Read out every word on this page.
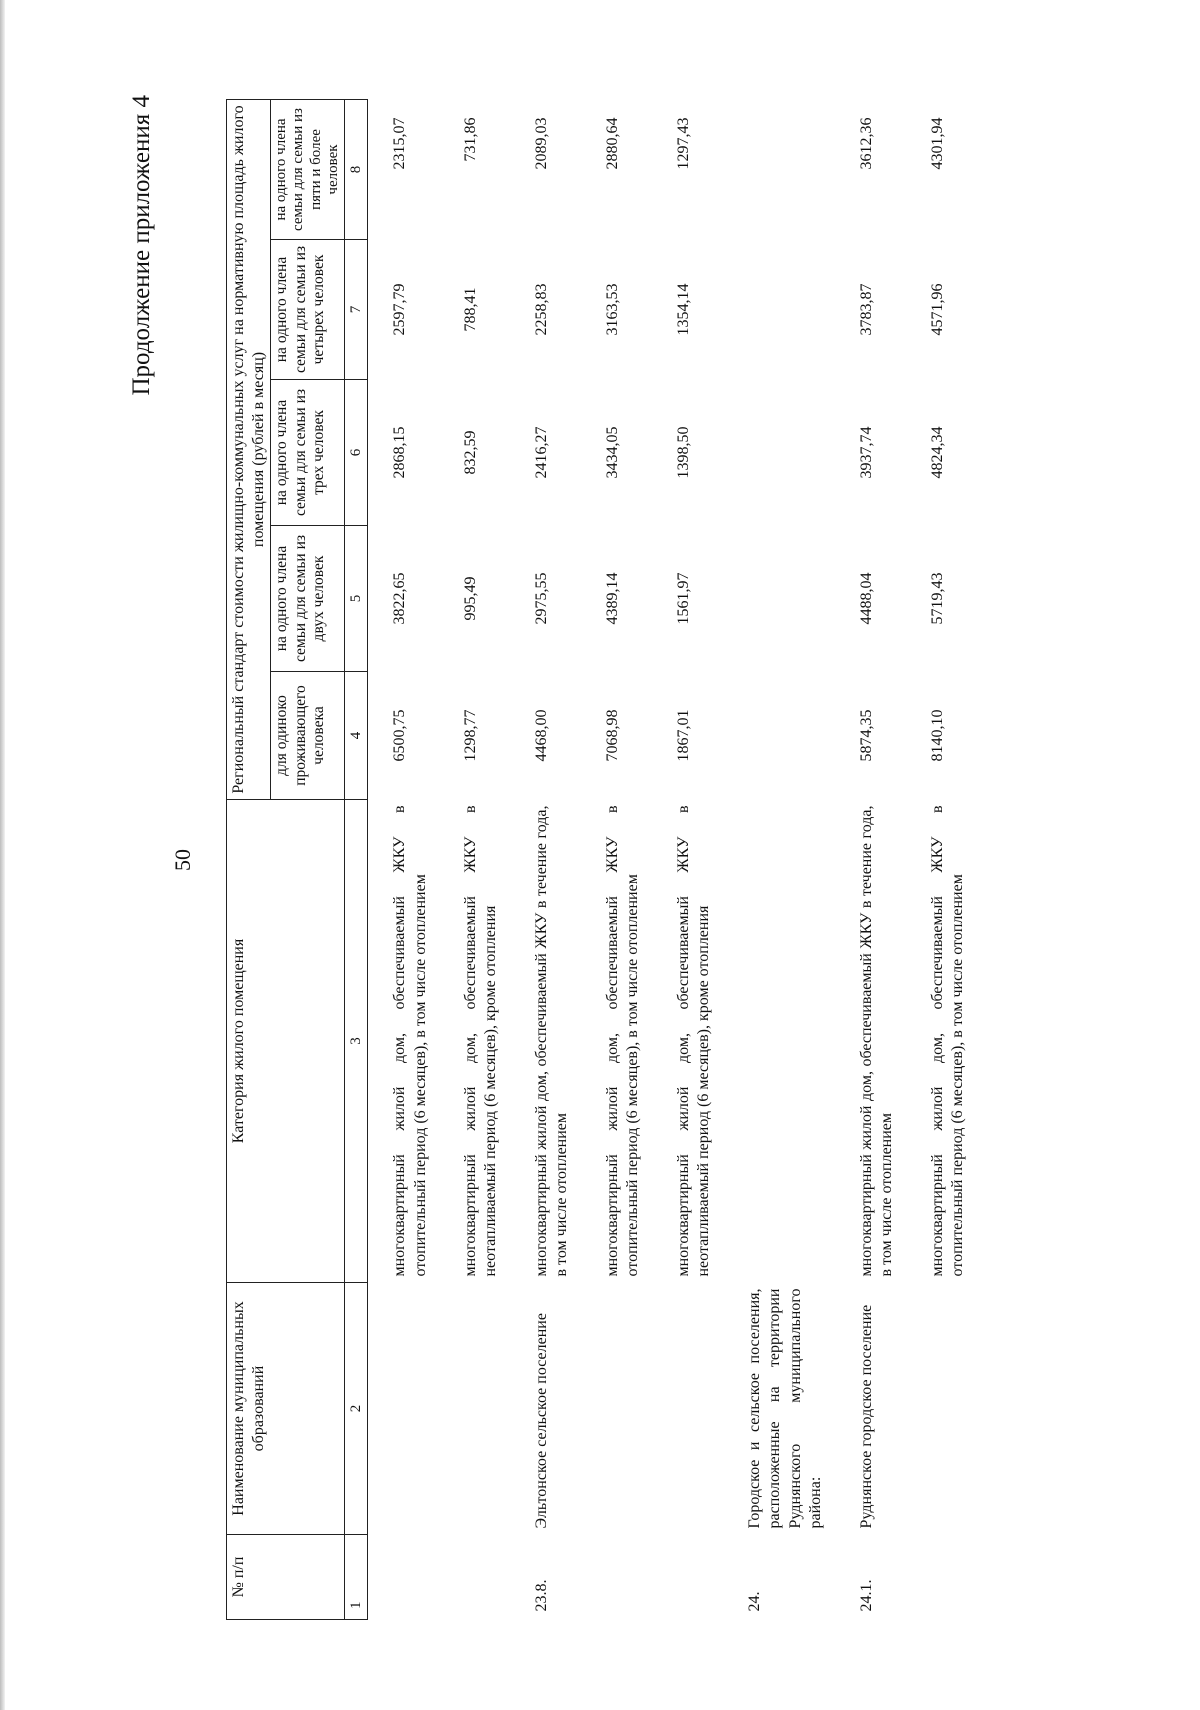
50
Продолжение приложения 4
№ п/п	Наименование муниципальных образований	Категория жилого помещения	Региональный стандарт стоимости жилищно-коммунальных услуг на нормативную площадь жилого помещения (рублей в месяц)				
			для одиноко проживающего человека	на одного члена семьи для семьи из двух человек	на одного члена семьи для семьи из трех человек	на одного члена семьи для семьи из четырех человек	на одного члена семьи для семьи из пяти и более человек
1	2	3	4	5	6	7	8
		многоквартирный жилой дом, обеспечиваемый ЖКУ в отопительный период (6 месяцев), в том числе отоплением	6500,75	3822,65	2868,15	2597,79	2315,07
		многоквартирный жилой дом, обеспечиваемый ЖКУ в неотапливаемый период (6 месяцев), кроме отопления	1298,77	995,49	832,59	788,41	731,86
23.8.	Эльтонское сельское поселение	многоквартирный жилой дом, обеспечиваемый ЖКУ в течение года, в том числе отоплением	4468,00	2975,55	2416,27	2258,83	2089,03
		многоквартирный жилой дом, обеспечиваемый ЖКУ в отопительный период (6 месяцев), в том числе отоплением	7068,98	4389,14	3434,05	3163,53	2880,64
		многоквартирный жилой дом, обеспечиваемый ЖКУ в неотапливаемый период (6 месяцев), кроме отопления	1867,01	1561,97	1398,50	1354,14	1297,43
24.	Городское и сельское поселения, расположенные на территории Руднянского муниципального района:						
24.1.	Руднянское городское поселение	многоквартирный жилой дом, обеспечиваемый ЖКУ в течение года, в том числе отоплением	5874,35	4488,04	3937,74	3783,87	3612,36
		многоквартирный жилой дом, обеспечиваемый ЖКУ в отопительный период (6 месяцев), в том числе отоплением	8140,10	5719,43	4824,34	4571,96	4301,94
